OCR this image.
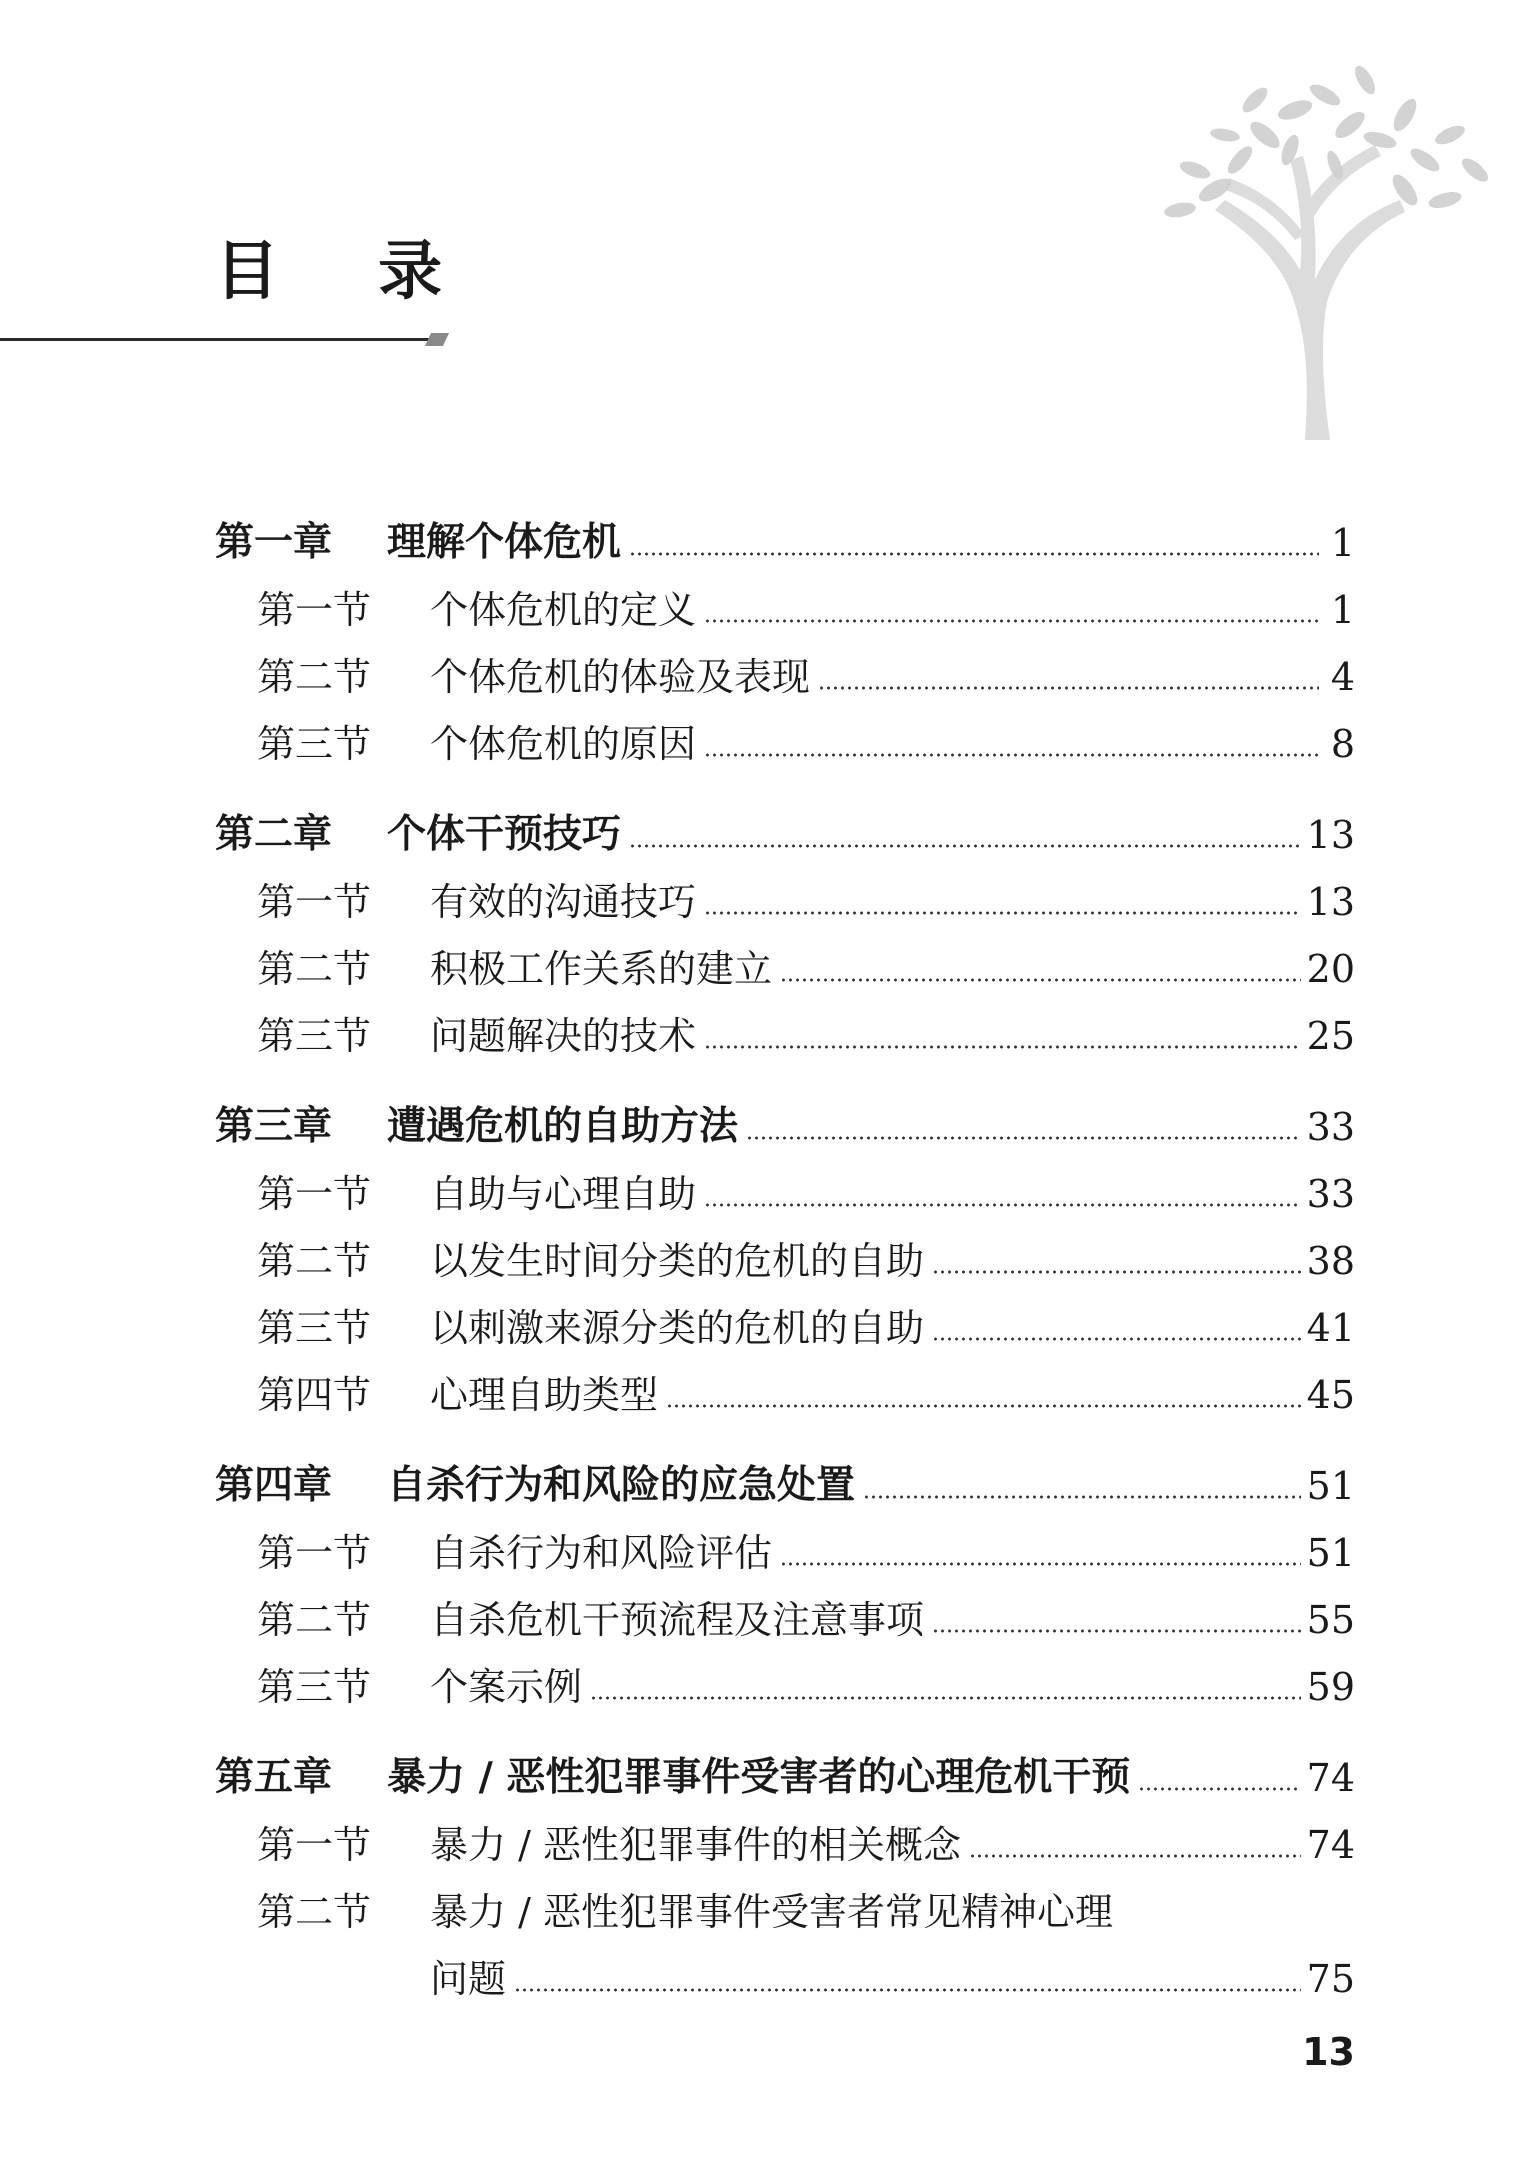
目 录
第一章	理解个体危机	1
第一节	个体危机的定义	1
第二节	个体危机的体验及表现	4
第三节	个体危机的原因	8
第二章	个体干预技巧	13
第一节	有效的沟通技巧	13
第二节	积极工作关系的建立	20
第三节	问题解决的技术	25
第三章	遭遇危机的自助方法	33
第一节	自助与心理自助	33
第二节	以发生时间分类的危机的自助	38
第三节	以刺激来源分类的危机的自助	41
第四节	心理自助类型	45
第四章	自杀行为和风险的应急处置	51
第一节	自杀行为和风险评估	51
第二节	自杀危机干预流程及注意事项	55
第三节	个案示例	59
第五章	暴力 / 恶性犯罪事件受害者的心理危机干预	74
第一节	暴力 / 恶性犯罪事件的相关概念	74
第二节	暴力 / 恶性犯罪事件受害者常见精神心理
问题	75
13
